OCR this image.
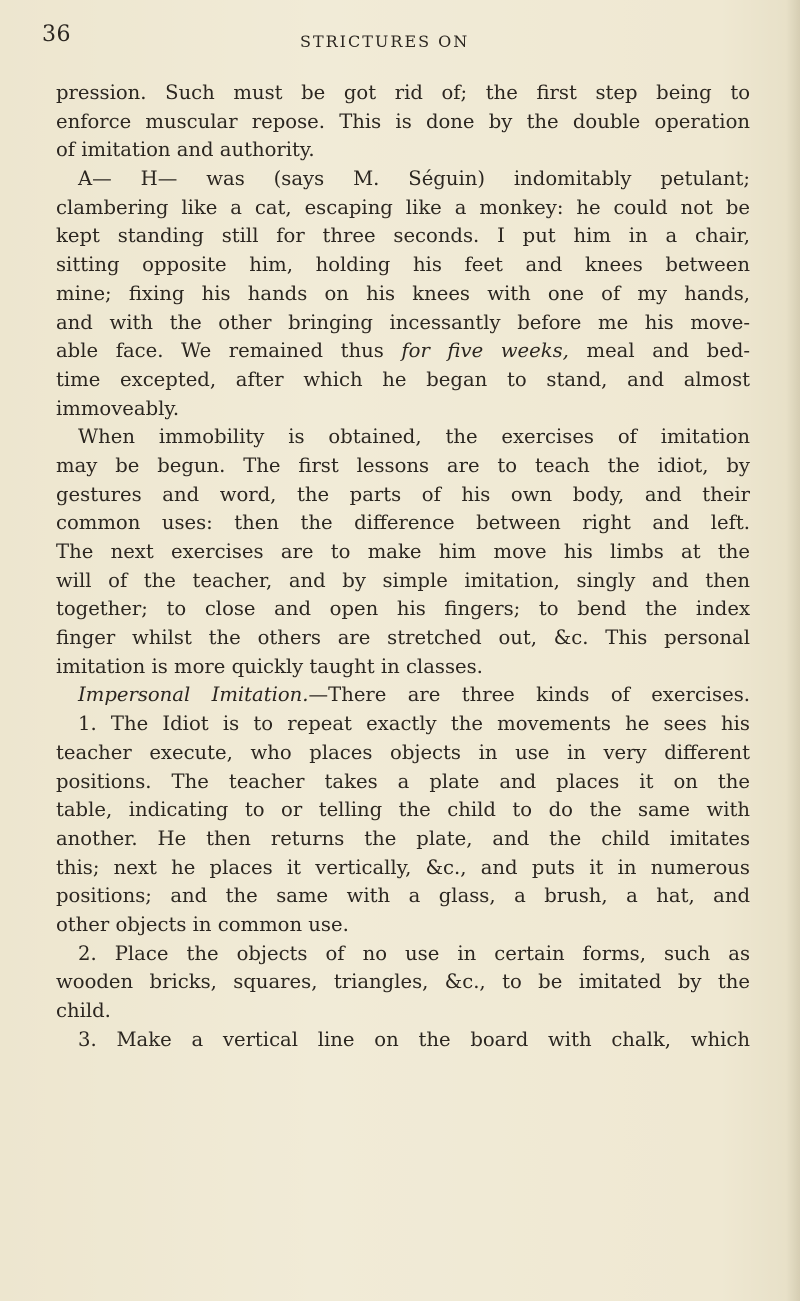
36	STRICTURES ON
pression. Such must be got rid of; the first step being to
enforce muscular repose. This is done by the double operation
of imitation and authority.
A— H— was (says M. Séguin) indomitably petulant;
clambering like a cat, escaping like a monkey: he could not be
kept standing still for three seconds. I put him in a chair,
sitting opposite him, holding his feet and knees between
mine; fixing his hands on his knees with one of my hands,
and with the other bringing incessantly before me his move-
able face. We remained thus for five weeks, meal and bed-
time excepted, after which he began to stand, and almost
immoveably.
When immobility is obtained, the exercises of imitation
may be begun. The first lessons are to teach the idiot, by
gestures and word, the parts of his own body, and their
common uses: then the difference between right and left.
The next exercises are to make him move his limbs at the
will of the teacher, and by simple imitation, singly and then
together; to close and open his fingers; to bend the index
finger whilst the others are stretched out, &c. This personal
imitation is more quickly taught in classes.
Impersonal Imitation.—There are three kinds of exercises.
1. The Idiot is to repeat exactly the movements he sees his
teacher execute, who places objects in use in very different
positions. The teacher takes a plate and places it on the
table, indicating to or telling the child to do the same with
another. He then returns the plate, and the child imitates
this; next he places it vertically, &c., and puts it in numerous
positions; and the same with a glass, a brush, a hat, and
other objects in common use.
2. Place the objects of no use in certain forms, such as
wooden bricks, squares, triangles, &c., to be imitated by the
child.
3. Make a vertical line on the board with chalk, which
